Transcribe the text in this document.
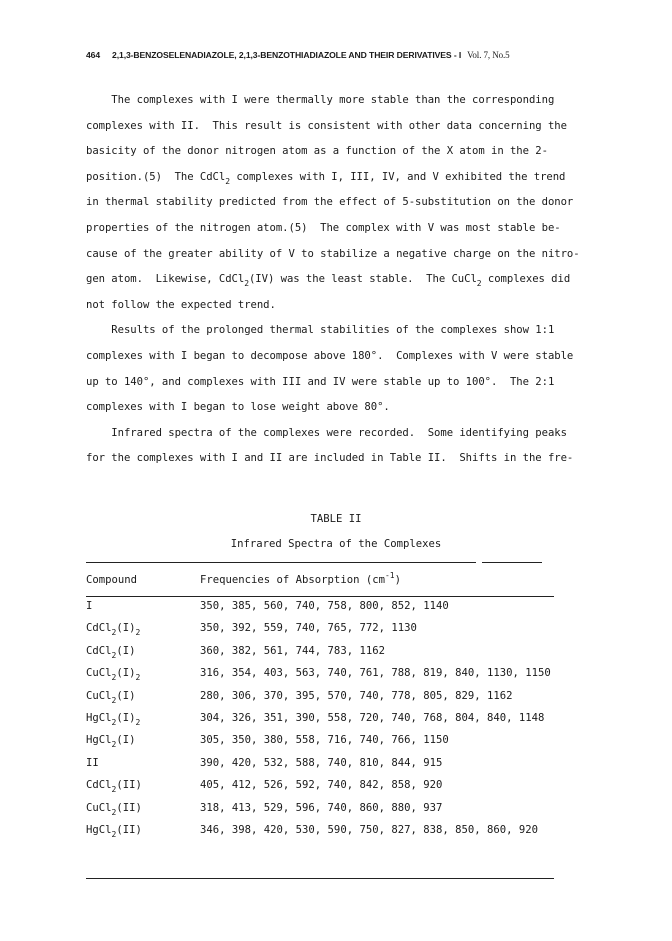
464 2,1,3-BENZOSELENADIAZOLE, 2,1,3-BENZOTHIADIAZOLE AND THEIR DERIVATIVES - I Vol. 7, No.5
The complexes with I were thermally more stable than the corresponding
complexes with II.  This result is consistent with other data concerning the
basicity of the donor nitrogen atom as a function of the X atom in the 2-
position.(5)  The CdCl$_2$ complexes with I, III, IV, and V exhibited the trend
in thermal stability predicted from the effect of 5-substitution on the donor
properties of the nitrogen atom.(5)  The complex with V was most stable be-
cause of the greater ability of V to stabilize a negative charge on the nitro-
gen atom.  Likewise, CdCl$_2$(IV) was the least stable.  The CuCl$_2$ complexes did
not follow the expected trend.
Results of the prolonged thermal stabilities of the complexes show 1:1
complexes with I began to decompose above 180°.  Complexes with V were stable
up to 140°, and complexes with III and IV were stable up to 100°.  The 2:1
complexes with I began to lose weight above 80°.
Infrared spectra of the complexes were recorded.  Some identifying peaks
for the complexes with I and II are included in Table II.  Shifts in the fre-
TABLE II
Infrared Spectra of the Complexes
Compound	Frequencies of Absorption $(cm^{-1})$
I	350, 385, 560, 740, 758, 800, 852, 1140
$CdCl_2(I)_2$	350, 392, 559, 740, 765, 772, 1130
CdCl$_2$(I)	360, 382, 561, 744, 783, 1162
$CuCl_2(I)_2$	316, 354, 403, 563, 740, 761, 788, 819, 840, 1130, 1150
CuCl$_2$(I)	280, 306, 370, 395, 570, 740, 778, 805, 829, 1162
$HgCl_2(I)_2$	304, 326, 351, 390, 558, 720, 740, 768, 804, 840, 1148
HgCl$_2$(I)	305, 350, 380, 558, 716, 740, 766, 1150
II	390, 420, 532, 588, 740, 810, 844, 915
CdCl$_2$(II)	405, 412, 526, 592, 740, 842, 858, 920
CuCl$_2$(II)	318, 413, 529, 596, 740, 860, 880, 937
HgCl$_2$(II)	346, 398, 420, 530, 590, 750, 827, 838, 850, 860, 920
